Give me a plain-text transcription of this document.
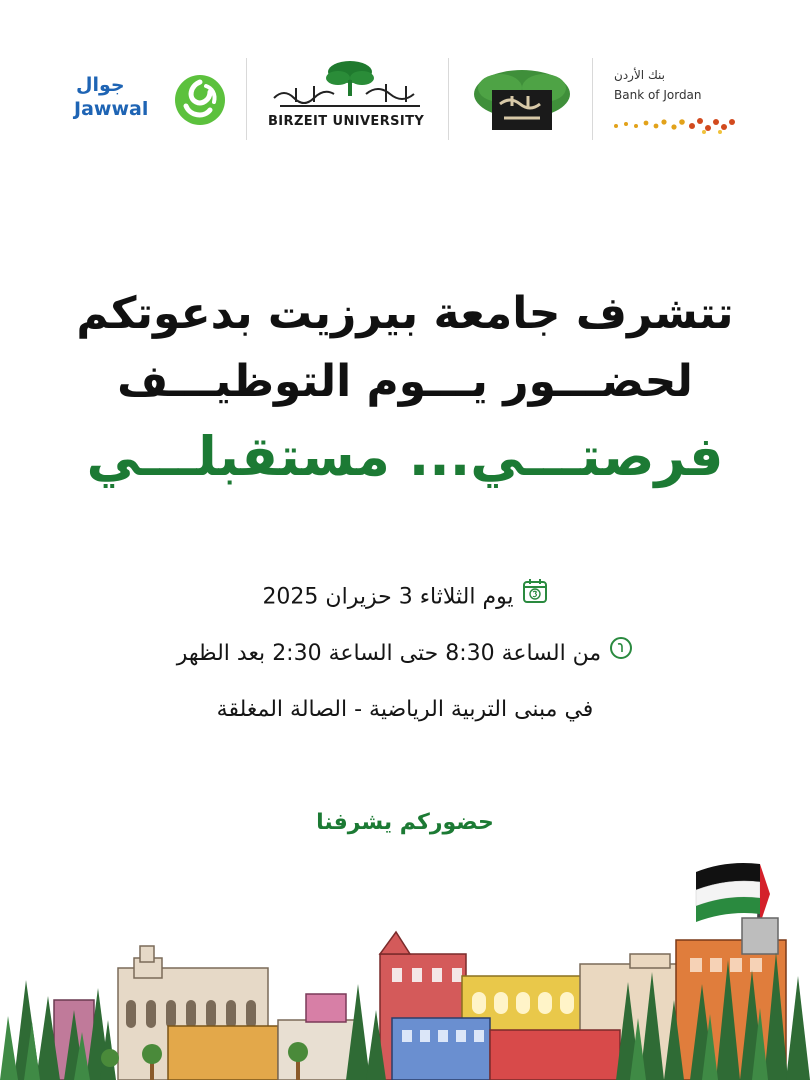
جوال
Jawwal
BIRZEIT UNIVERSITY
بنك الأردن
Bank of Jordan
تتشرف جامعة بيرزيت بدعوتكم
لحضـــور يـــوم التوظيـــف
فرصتـــي... مستقبلـــي
يوم الثلاثاء 3 حزيران 2025
من الساعة 8:30 حتى الساعة 2:30 بعد الظهر
في مبنى التربية الرياضية - الصالة المغلقة
حضوركم يشرفنا
